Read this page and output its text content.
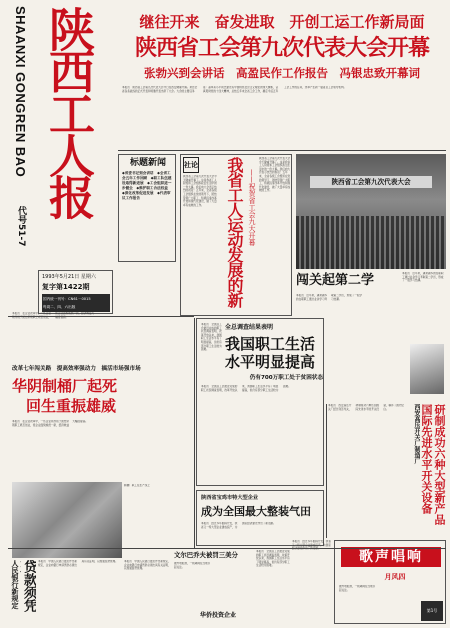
SHAANXI GONGREN BAO
代号51-7
陕西工人报
1993年5月21日 星期六
复字第1422期
国内统一刊号：CN61－0015
每周二、四、六出版
继往开来　奋发进取　开创工运工作新局面
陕西省工会第九次代表大会开幕
张勃兴到会讲话　高盈民作工作报告　冯银忠致开幕词
本报讯　陕西省工会第九次代表大会今日在西安隆重开幕。来自全省各条战线的正式代表和特邀代表出席了大会。大会的主要任务是：高举邓小平同志建设有中国特色社会主义理论的伟大旗帜，认真贯彻党的十四大精神，总结五年来全省工会工作，确定今后五年工会工作的任务，选举产生新一届省总工会领导机构。
标题新闻
◆省委书记到会讲话　◆全省工会五年工作回顾　◆职工队伍建设取得新进展　◆工会组织进一步健全　◆维护职工合法权益　◆深化改革促进发展　◆代表审议工作报告
社论
陕西省工会第九次代表大会今天隆重开幕了。这是我省工人阶级和工会组织政治生活中的一件大事。我们向大会表示热烈的祝贺！五年来，全省各级工会组织在党的领导下，团结带领广大职工，积极投身改革开放和现代化建设，做了大量卓有成效的工作。
我省工人运动发展的新
——祝贺省工会九大开幕
陕西省工会第九次代表大会今天隆重开幕了。这是我省工人阶级和工会组织政治生活中的一件大事。我们向大会表示热烈的祝贺！五年来，全省各级工会组织在党的领导下，团结带领广大职工，积极投身改革开放和现代化建设，做了大量卓有成效的工作。
陕西省工会第九次代表大会
闯关起第二学
本报讯　近年来，越来越多的在职职工通过业余学习考取第二学历，形成了一股学习热潮。
本报讯　近年来，越来越多的在职职工通过业余学习考取第二学历，形成了一股学习热潮。
本报讯　在企业改革中，一些企业领导班子团结带领职工艰苦创业，使企业面貌焕然一新，经济效益大幅度提高。
改革七年闯关路　提高效率强动力　搞活市场强市场
华阴制桶厂起死
回生重振雄威
本报讯　在企业改革中，一些企业领导班子团结带领职工艰苦创业，使企业面貌焕然一新，经济效益大幅度提高。
制桶厂职工在生产线上
全总调查结果表明
我国职工生活
水平明显提高
仍有700万职工处于贫困状态
本报讯　全国总工会最近完成的职工状况调查表明，改革开放以来，我国职工生活水平有了明显提高，但仍有部分职工生活较为困难。
本报讯　全国总工会最近完成的职工状况调查表明，改革开放以来，我国职工生活水平有了明显提高，但仍有部分职工生活较为困难。
陕西省宝鸡市特大型企业
成为全国最大整装气田
本报讯　经过多年勘探开发，我省又一特大型企业建成投产，为国家经济建设作出了新贡献。
本报讯　西安高压开关厂经过刻苦攻关，研制成功六种达到国际先进水平的开关设备，填补了国内空白。	西安高压开关厂制造厂	研制成功六种大型新产品国际先进水平开关设备
人民银行新规定 贷款须凭
本报讯　中国人民银行最近作出新规定，企业向银行申请贷款必须出具有关证明，以加强信贷管理。	本报讯　中国人民银行最近作出新规定，企业向银行申请贷款必须出具有关证明，以加强信贷管理。
文尔巴乔夫被罚三美分
据外电报道，一则趣闻在当地引起关注。
华侨投资企业
本报讯　全国总工会最近完成的职工状况调查表明，改革开放以来，我国职工生活水平有了明显提高，但仍有部分职工生活较为困难。
本报讯　经过多年勘探开发，我省又一特大型企业建成投产，为国家经济建设作出了新贡献。
歌声唱响
月风四
据外电报道，一则趣闻在当地引起关注。
第1号
